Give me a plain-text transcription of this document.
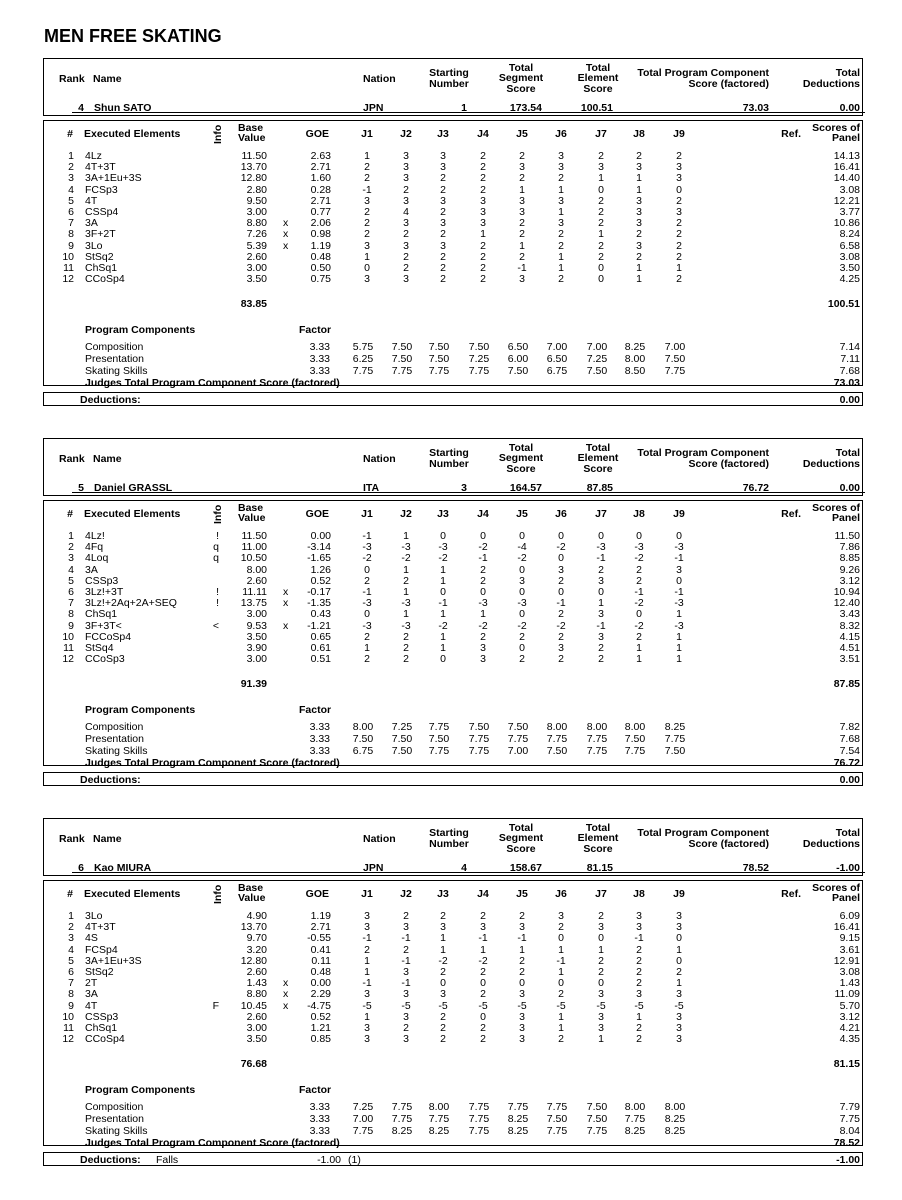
MEN FREE SKATING
Rank Name	Nation	Starting
Number
Total
Segment
Score
Total
Element
Score
Total Program Component
Score (factored)
Total
Deductions
4 Shun SATO	JPN	1	173.54	100.51	73.03	0.00
# Executed Elements	Info Base
Value	GOE	J1	J2	J3	J4	J5	J6	J7	J8	J9	Ref. Scores of
Panel
1 4Lz	11.50	2.63	1	3	3	2	2	3	2	2	2	14.13
2 4T+3T	13.70	2.71	2	3	3	2	3	3	3	3	3	16.41
3 3A+1Eu+3S	12.80	1.60	2	3	2	2	2	2	1	1	3	14.40
4 FCSp3	2.80	0.28	-1	2	2	2	1	1	0	1	0	3.08
5 4T	9.50	2.71	3	3	3	3	3	3	2	3	2	12.21
6 CSSp4	3.00	0.77	2	4	2	3	3	1	2	3	3	3.77
7 3A	8.80 x 2.06	2	3	3	3	2	3	2	3	2	10.86
8 3F+2T	7.26 x 0.98	2	2	2	1	2	2	1	2	2	8.24
9 3Lo	5.39 x 1.19	3	3	3	2	1	2	2	3	2	6.58
10 StSq2	2.60	0.48	1	2	2	2	2	1	2	2	2	3.08
11 ChSq1	3.00	0.50	0	2	2	2	-1	1	0	1	1	3.50
12 CCoSp4	3.50	0.75	3	3	2	2	3	2	0	1	2	4.25
83.85	100.51
Program Components	Factor
Composition	3.33	5.75	7.50	7.50	7.50	6.50	7.00	7.00	8.25	7.00	7.14
Presentation	3.33	6.25	7.50	7.50	7.25	6.00	6.50	7.25	8.00	7.50	7.11
Skating Skills	3.33	7.75	7.75	7.75	7.75	7.50	6.75	7.50	8.50	7.75	7.68
Judges Total Program Component Score (factored)	73.03
Deductions:	0.00
Rank Name	Nation	Starting
Number
Total
Segment
Score
Total
Element
Score
Total Program Component
Score (factored)
Total
Deductions
5 Daniel GRASSL	ITA	3	164.57	87.85	76.72	0.00
# Executed Elements	Info Base
Value	GOE	J1	J2	J3	J4	J5	J6	J7	J8	J9	Ref. Scores of
Panel
1 4Lz!	! 11.50	0.00	-1	1	0	0	0	0	0	0	0	11.50
2 4Fq	q 11.00	-3.14	-3	-3	-3	-2	-4	-2	-3	-3	-3	7.86
3 4Loq	q 10.50	-1.65	-2	-2	-2	-1	-2	0	-1	-2	-1	8.85
4 3A	8.00	1.26	0	1	1	2	0	3	2	2	3	9.26
5 CSSp3	2.60	0.52	2	2	1	2	3	2	3	2	0	3.12
6 3Lz!+3T	! 11.11 x -0.17	-1	1	0	0	0	0	0	-1	-1	10.94
7 3Lz!+2Aq+2A+SEQ	! 13.75 x -1.35	-3	-3	-1	-3	-3	-1	1	-2	-3	12.40
8 ChSq1	3.00	0.43	0	1	1	1	0	2	3	0	1	3.43
9 3F+3T<	<	9.53 x -1.21	-3	-3	-2	-2	-2	-2	-1	-2	-3	8.32
10 FCCoSp4	3.50	0.65	2	2	1	2	2	2	3	2	1	4.15
11 StSq4	3.90	0.61	1	2	1	3	0	3	2	1	1	4.51
12 CCoSp3	3.00	0.51	2	2	0	3	2	2	2	1	1	3.51
91.39	87.85
Program Components	Factor
Composition	3.33	8.00	7.25	7.75	7.50	7.50	8.00	8.00	8.00	8.25	7.82
Presentation	3.33	7.50	7.50	7.50	7.75	7.75	7.75	7.75	7.50	7.75	7.68
Skating Skills	3.33	6.75	7.50	7.75	7.75	7.00	7.50	7.75	7.75	7.50	7.54
Judges Total Program Component Score (factored)	76.72
Deductions:	0.00
Rank Name	Nation	Starting
Number
Total
Segment
Score
Total
Element
Score
Total Program Component
Score (factored)
Total
Deductions
6 Kao MIURA	JPN	4	158.67	81.15	78.52	-1.00
# Executed Elements	Info Base
Value	GOE	J1	J2	J3	J4	J5	J6	J7	J8	J9	Ref. Scores of
Panel
1 3Lo	4.90	1.19	3	2	2	2	2	3	2	3	3	6.09
2 4T+3T	13.70	2.71	3	3	3	3	3	2	3	3	3	16.41
3 4S	9.70	-0.55	-1	-1	1	-1	-1	0	0	-1	0	9.15
4 FCSp4	3.20	0.41	2	2	1	1	1	1	1	2	1	3.61
5 3A+1Eu+3S	12.80	0.11	1	-1	-2	-2	2	-1	2	2	0	12.91
6 StSq2	2.60	0.48	1	3	2	2	2	1	2	2	2	3.08
7 2T	1.43 x 0.00	-1	-1	0	0	0	0	0	2	1	1.43
8 3A	8.80 x 2.29	3	3	3	2	3	2	3	3	3	11.09
9 4T	F 10.45 x -4.75	-5	-5	-5	-5	-5	-5	-5	-5	-5	5.70
10 CSSp3	2.60	0.52	1	3	2	0	3	1	3	1	3	3.12
11 ChSq1	3.00	1.21	3	2	2	2	3	1	3	2	3	4.21
12 CCoSp4	3.50	0.85	3	3	2	2	3	2	1	2	3	4.35
76.68	81.15
Program Components	Factor
Composition	3.33	7.25	7.75	8.00	7.75	7.75	7.75	7.50	8.00	8.00	7.79
Presentation	3.33	7.00	7.75	7.75	7.75	8.25	7.50	7.50	7.75	8.25	7.75
Skating Skills	3.33	7.75	8.25	8.25	7.75	8.25	7.75	7.75	8.25	8.25	8.04
Judges Total Program Component Score (factored)	78.52
Deductions: Falls	-1.00 (1)	-1.00
